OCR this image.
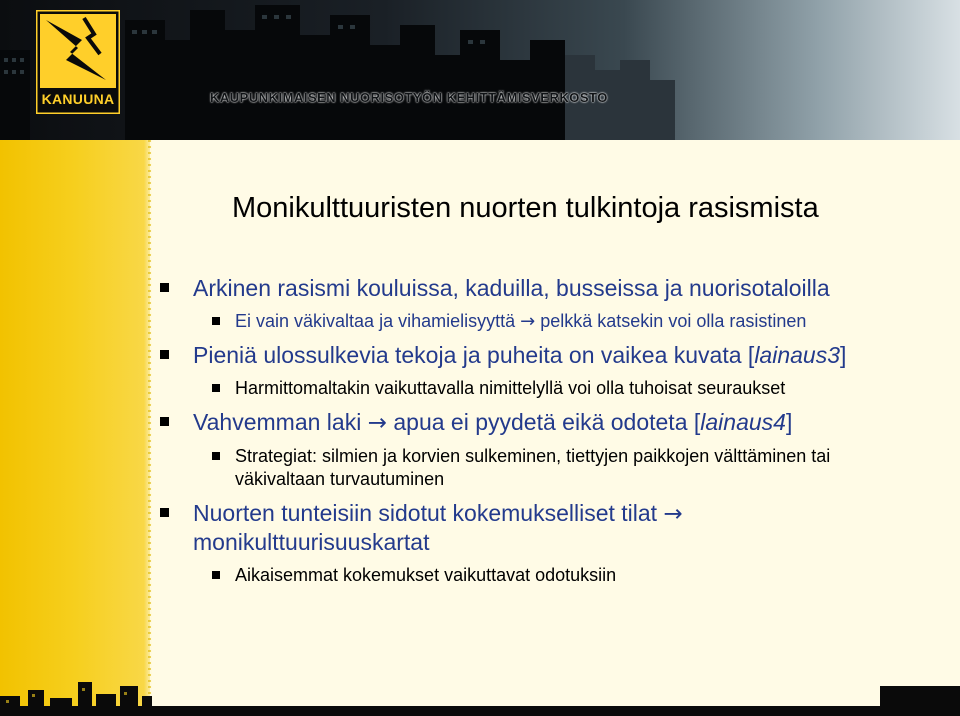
KANUUNA	KAUPUNKIMAISEN NUORISOTYÖN KEHITTÄMISVERKOSTO
Monikulttuuristen nuorten tulkintoja rasismista
Arkinen rasismi kouluissa, kaduilla, busseissa ja nuorisotaloilla
Ei vain väkivaltaa ja vihamielisyyttä → pelkkä katsekin voi olla rasistinen
Pieniä ulossulkevia tekoja ja puheita on vaikea kuvata [lainaus3]
Harmittomaltakin vaikuttavalla nimittelyllä voi olla tuhoisat seuraukset
Vahvemman laki → apua ei pyydetä eikä odoteta [lainaus4]
Strategiat: silmien ja korvien sulkeminen, tiettyjen paikkojen välttäminen tai väkivaltaan turvautuminen
Nuorten tunteisiin sidotut kokemukselliset tilat → monikulttuurisuuskartat
Aikaisemmat kokemukset vaikuttavat odotuksiin
